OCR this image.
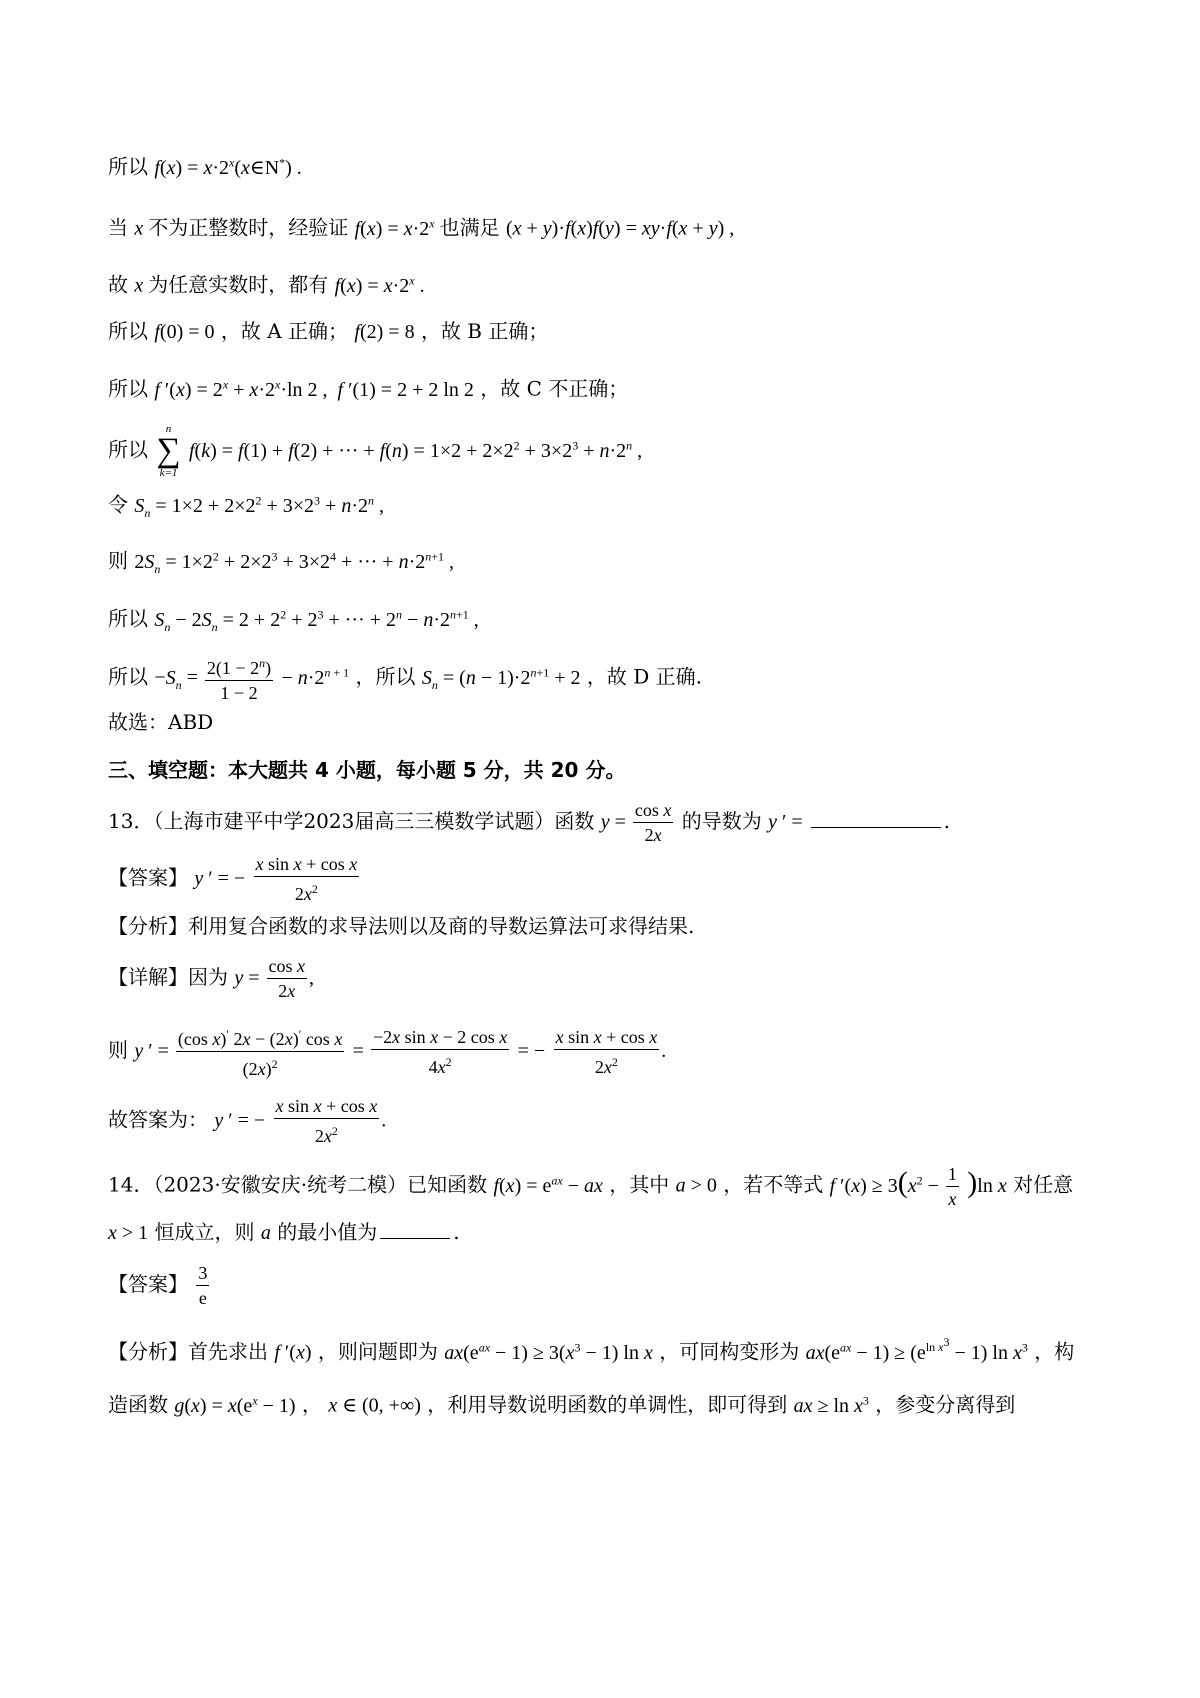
所以 $f(x) = x\cdot 2^x(x\in N^*)$ .
当 x 不为正整数时，经验证 $f(x) = x\cdot 2^x$ 也满足 (x + y)·f(x)f(y) = xy·f(x + y) ,
故 x 为任意实数时，都有 $f(x) = x\cdot 2^x$ .
所以 f(0) = 0 ，故 A 正确； f(2) = 8 ，故 B 正确；
所以 f $'(x) = 2^x + x\cdot 2^x\cdot\ln$ 2 ,  f ′(1) = 2 + 2 ln 2 ，故 C 不正确；
所以
n
∑
k=1
f(k) = f(1) + f(2) + ··· + $f(n) = 1\times 2 + 2\times 2^2 + 3\times 2^3 + n\cdot 2^n$ ,
令 $S_n = 1\times 2 + 2\times 2^2 + 3\times 2^3 + n\cdot 2^n$ ,
则 $2S_n = 1\times 2^2 + 2\times 2^3 + 3\times 2^4$ + ··· + $n\cdot 2^{n+1}$ ,
所以 $S_n - 2S_n = 2 + 2^2 + 2^3$ + ··· + $2^n - n\cdot 2^{n+1}$ ,
所以 $-S_n = \frac{2(1 - 2^n)}{1 - 2} - n\cdot 2^{n + 1}$ ，所以 $S_n = (n - 1)\cdot 2^{n+1} + 2$ ，故 D 正确.
故选：ABD
三、填空题：本大题共 4 小题，每小题 5 分，共 20 分。
13．（上海市建平中学2023届高三三模数学试题）函数 $y = \frac{\text{cos x}}{2x}$ 的导数为 y ′ =	.
【答案】 y ′ = − $\frac{\text{x sin x + cos x}}{2x^2}$
【分析】利用复合函数的求导法则以及商的导数运算法可求得结果.
【详解】因为 $y = \frac{\text{cos x}}{2x}$ ,
则 y ′ = $\frac{(\cos x)' 2x - (2x)' \cos x}{(2x)^2} = \frac{\text{−2x sin x − 2 cos x}}{4x^2}$ = − $\frac{\text{x sin x + cos x}}{2x^2}$ .
故答案为： y ′ = − $\frac{\text{x sin x + cos x}}{2x^2}$ .
14．（2023·安徽安庆·统考二模）已知函数 $f(x) = e^{ax}$ − ax ，其中 a > 0 ，若不等式 f $'(x) \ge 3(x^2 - \frac{1}{x} )\ln$ x 对任意
x > 1 恒成立，则 a 的最小值为	.
【答案】 $\frac{3}{e}$
【分析】首先求出 f ′(x) ，则问题即为 $ax(e^{ax} - 1) \ge 3(x^3 - 1)$ ln x ，可同构变形为 $ax(e^{ax} - 1) \ge (e^{ln x^3} - 1)$ $\ln x^3$ ，构
造函数 $g(x) = x(e^x - 1)$ ， x ∈ (0, +∞) ，利用导数说明函数的单调性，即可得到 ax ≥ $\ln x^3$ ，参变分离得到
